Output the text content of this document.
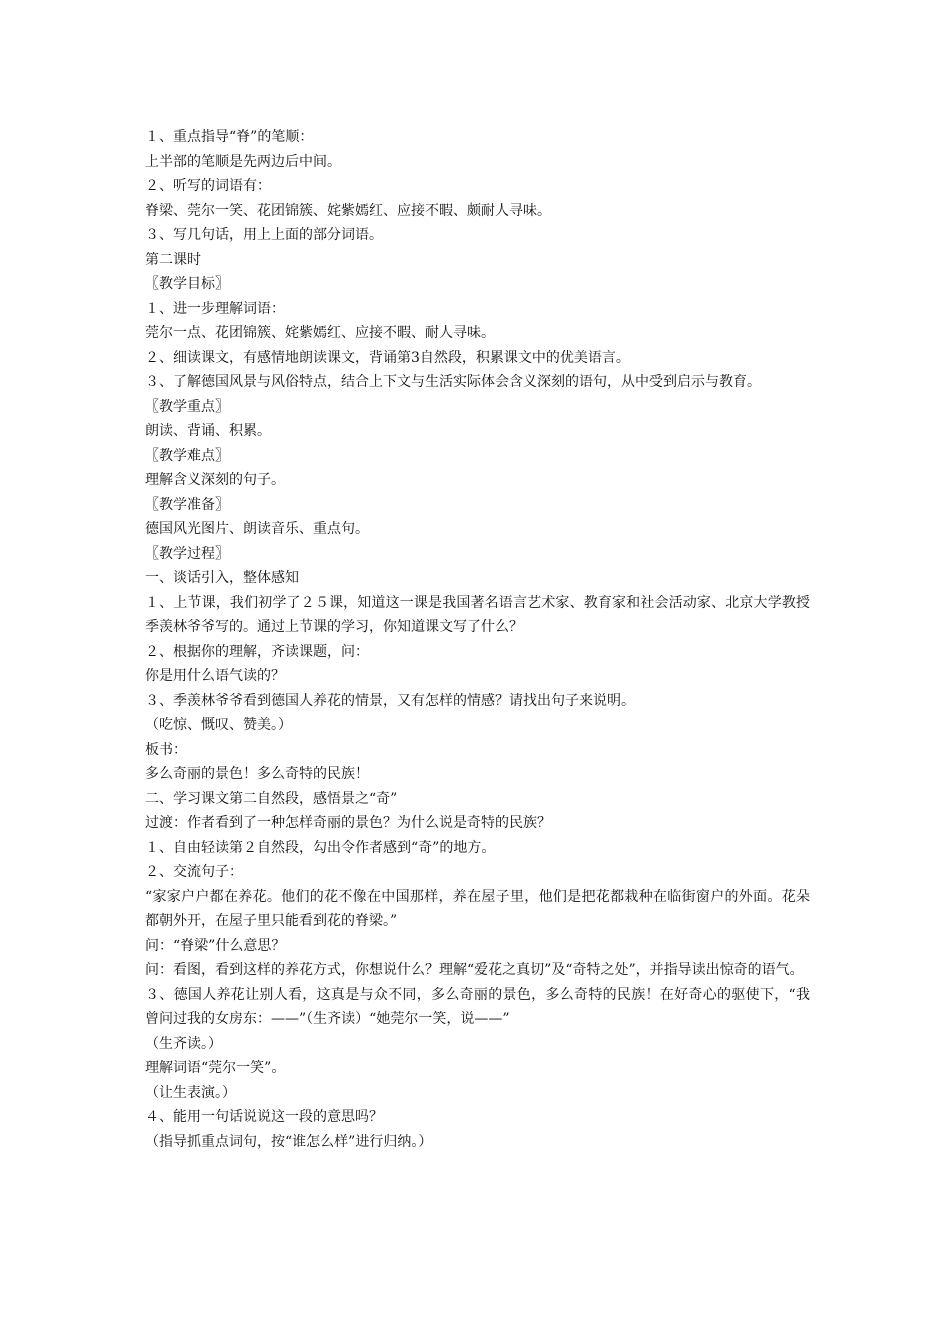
１、重点指导“脊”的笔顺：
上半部的笔顺是先两边后中间。
２、听写的词语有：
脊梁、莞尔一笑、花团锦簇、姹紫嫣红、应接不暇、颇耐人寻味。
３、写几句话，用上上面的部分词语。
第二课时
〖教学目标〗
１、进一步理解词语：
莞尔一点、花团锦簇、姹紫嫣红、应接不暇、耐人寻味。
２、细读课文，有感情地朗读课文，背诵第3自然段，积累课文中的优美语言。
３、了解德国风景与风俗特点，结合上下文与生活实际体会含义深刻的语句，从中受到启示与教育。
〖教学重点〗
朗读、背诵、积累。
〖教学难点〗
理解含义深刻的句子。
〖教学准备〗
德国风光图片、朗读音乐、重点句。
〖教学过程〗
一、谈话引入，整体感知
１、上节课，我们初学了２５课，知道这一课是我国著名语言艺术家、教育家和社会活动家、北京大学教授季羡林爷爷写的。通过上节课的学习，你知道课文写了什么？
２、根据你的理解，齐读课题，问：
你是用什么语气读的？
３、季羡林爷爷看到德国人养花的情景，又有怎样的情感？请找出句子来说明。
（吃惊、慨叹、赞美。）
板书：
多么奇丽的景色！多么奇特的民族！
二、学习课文第二自然段，感悟景之“奇”
过渡：作者看到了一种怎样奇丽的景色？为什么说是奇特的民族？
１、自由轻读第２自然段，勾出令作者感到“奇”的地方。
２、交流句子：
“家家户户都在养花。他们的花不像在中国那样，养在屋子里，他们是把花都栽种在临街窗户的外面。花朵都朝外开，在屋子里只能看到花的脊梁。”
问：“脊梁”什么意思？
问：看图，看到这样的养花方式，你想说什么？理解“爱花之真切”及“奇特之处”，并指导读出惊奇的语气。
３、德国人养花让别人看，这真是与众不同，多么奇丽的景色，多么奇特的民族！在好奇心的驱使下，“我曾问过我的女房东：——”（生齐读）“她莞尔一笑，说——”
（生齐读。）
理解词语“莞尔一笑”。
（让生表演。）
４、能用一句话说说这一段的意思吗？
（指导抓重点词句，按“谁怎么样”进行归纳。）
